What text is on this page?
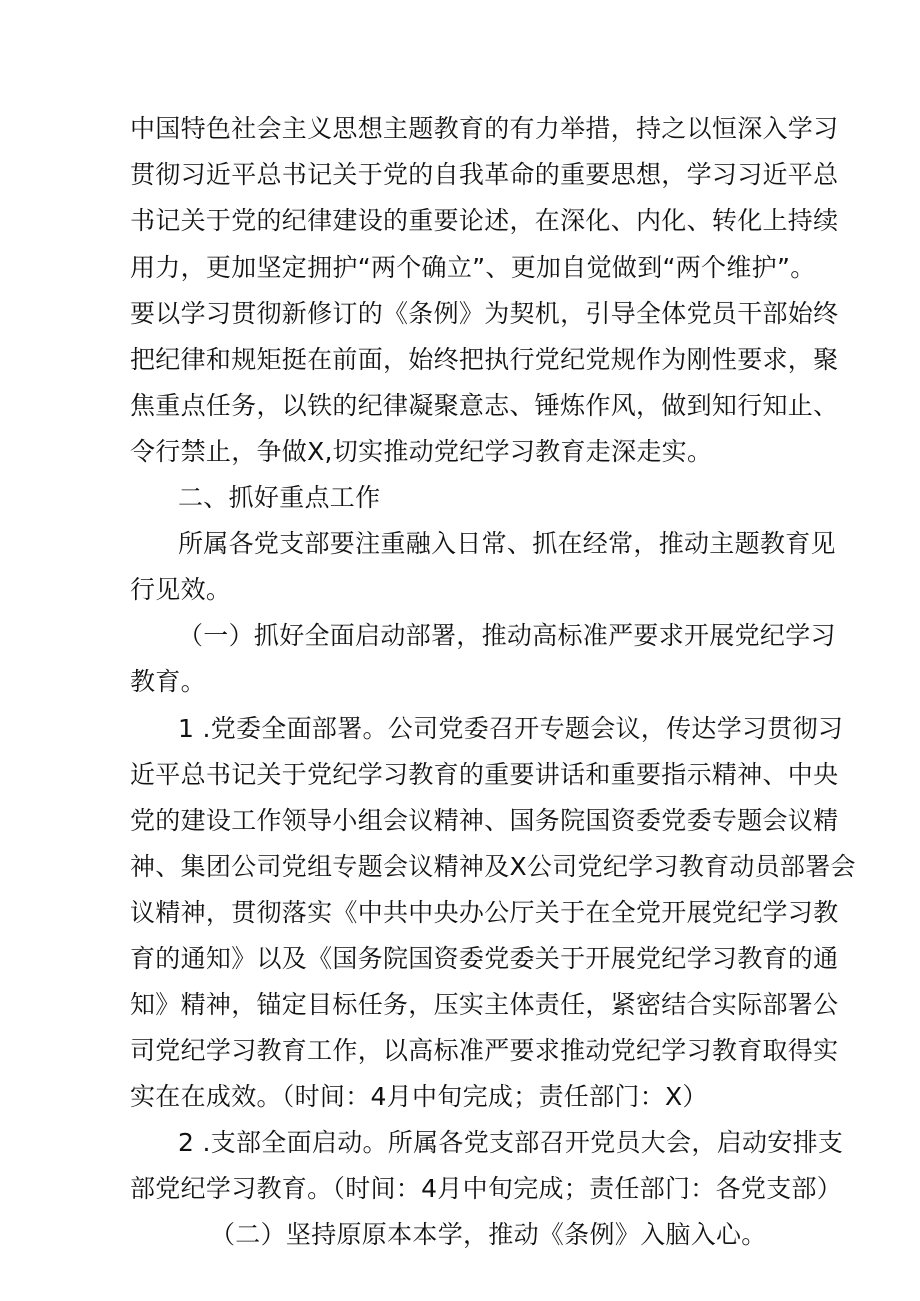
中国特色社会主义思想主题教育的有力举措，持之以恒深入学习
贯彻习近平总书记关于党的自我革命的重要思想，学习习近平总
书记关于党的纪律建设的重要论述，在深化、内化、转化上持续
用力，更加坚定拥护“两个确立”、更加自觉做到“两个维护”。
要以学习贯彻新修订的《条例》为契机，引导全体党员干部始终
把纪律和规矩挺在前面，始终把执行党纪党规作为刚性要求，聚
焦重点任务，以铁的纪律凝聚意志、锤炼作风，做到知行知止、
令行禁止，争做X,切实推动党纪学习教育走深走实。
二、抓好重点工作
所属各党支部要注重融入日常、抓在经常，推动主题教育见
行见效。
（一）抓好全面启动部署，推动高标准严要求开展党纪学习
教育。
1 .党委全面部署。公司党委召开专题会议，传达学习贯彻习
近平总书记关于党纪学习教育的重要讲话和重要指示精神、中央
党的建设工作领导小组会议精神、国务院国资委党委专题会议精
神、集团公司党组专题会议精神及X公司党纪学习教育动员部署会
议精神，贯彻落实《中共中央办公厅关于在全党开展党纪学习教
育的通知》以及《国务院国资委党委关于开展党纪学习教育的通
知》精神，锚定目标任务，压实主体责任，紧密结合实际部署公
司党纪学习教育工作，以高标准严要求推动党纪学习教育取得实
实在在成效。（时间：4月中旬完成；责任部门：X）
2 .支部全面启动。所属各党支部召开党员大会，启动安排支
部党纪学习教育。（时间：4月中旬完成；责任部门：各党支部）
（二）坚持原原本本学，推动《条例》入脑入心。
